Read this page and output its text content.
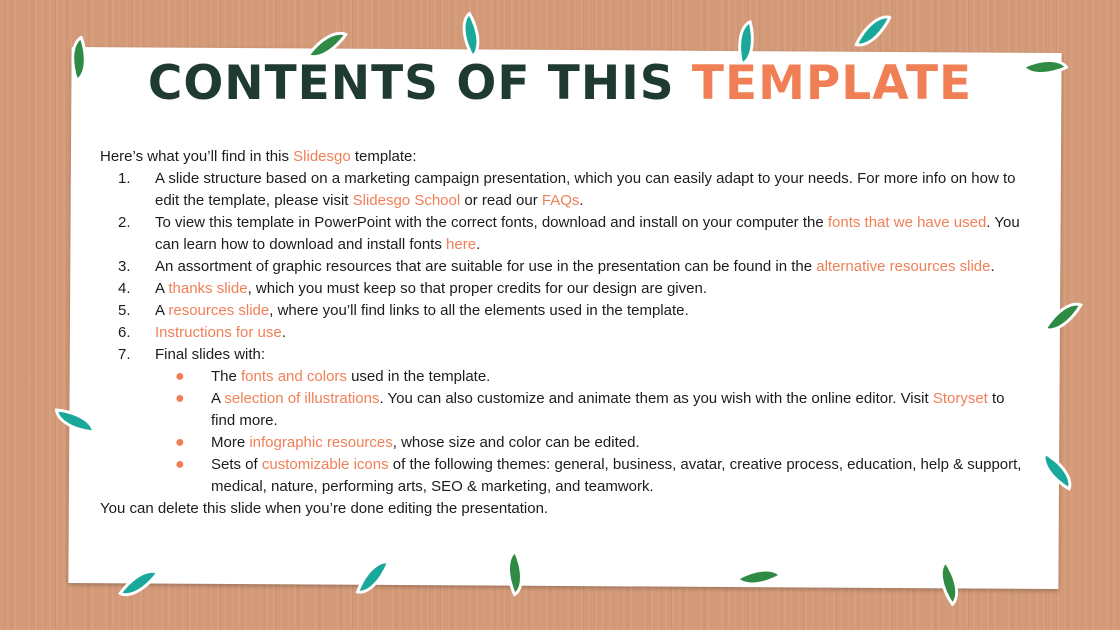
CONTENTS OF THIS TEMPLATE

Here’s what you’ll find in this Slidesgo template:

1. A slide structure based on a marketing campaign presentation, which you can easily adapt to your needs. For more info on how to edit the template, please visit Slidesgo School or read our FAQs.
2. To view this template in PowerPoint with the correct fonts, download and install on your computer the fonts that we have used. You can learn how to download and install fonts here.
3. An assortment of graphic resources that are suitable for use in the presentation can be found in the alternative resources slide.
4. A thanks slide, which you must keep so that proper credits for our design are given.
5. A resources slide, where you’ll find links to all the elements used in the template.
6. Instructions for use.
7. Final slides with:
● The fonts and colors used in the template.
● A selection of illustrations. You can also customize and animate them as you wish with the online editor. Visit Storyset to find more.
● More infographic resources, whose size and color can be edited.
● Sets of customizable icons of the following themes: general, business, avatar, creative process, education, help & support, medical, nature, performing arts, SEO & marketing, and teamwork.

You can delete this slide when you’re done editing the presentation.
